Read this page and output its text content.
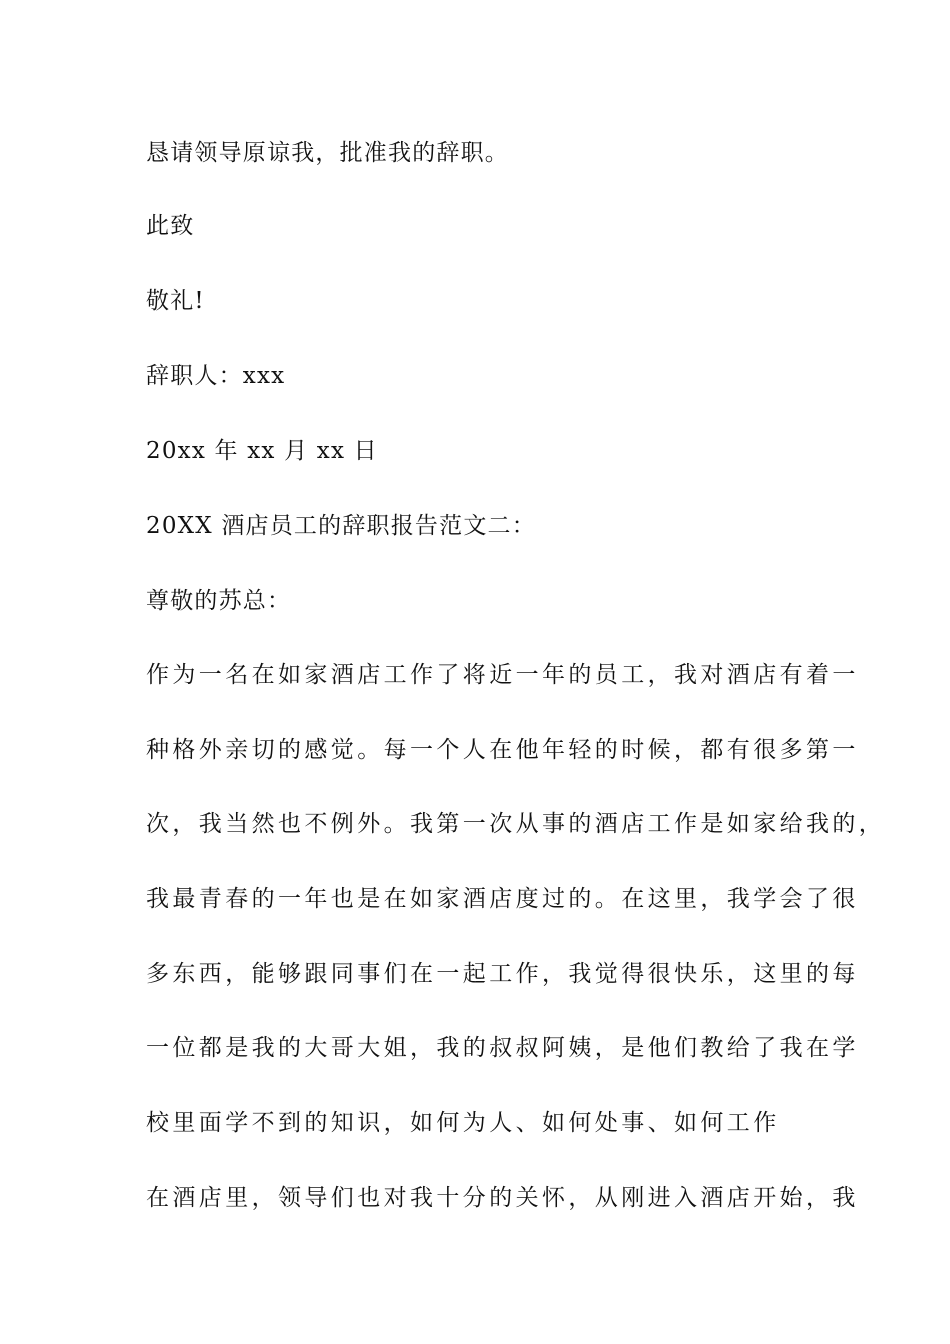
恳请领导原谅我，批准我的辞职。
此致
敬礼!
辞职人：xxx
20xx 年 xx 月 xx 日
20XX 酒店员工的辞职报告范文二：
尊敬的苏总：
作为一名在如家酒店工作了将近一年的员工，我对酒店有着一
种格外亲切的感觉。每一个人在他年轻的时候，都有很多第一
次，我当然也不例外。我第一次从事的酒店工作是如家给我的，
我最青春的一年也是在如家酒店度过的。在这里，我学会了很
多东西，能够跟同事们在一起工作，我觉得很快乐，这里的每
一位都是我的大哥大姐，我的叔叔阿姨，是他们教给了我在学
校里面学不到的知识，如何为人、如何处事、如何工作
在酒店里，领导们也对我十分的关怀，从刚进入酒店开始，我
